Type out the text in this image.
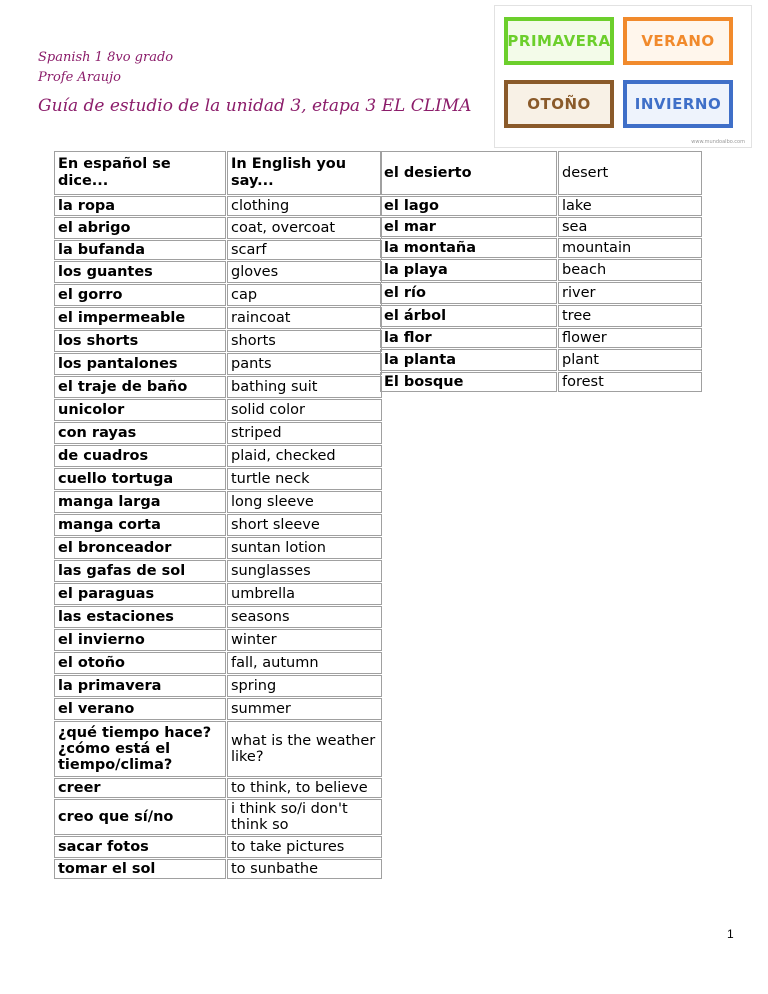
Spanish 1 8vo grado
Profe Araujo
Guía de estudio de la unidad 3, etapa 3 EL CLIMA
PRIMAVERA	VERANO
OTOÑO	INVIERNO
www.mundoalbo.com
En español se dice...	In English you say...
la ropa	clothing
el abrigo	coat, overcoat
la bufanda	scarf
los guantes	gloves
el gorro	cap
el impermeable	raincoat
los shorts	shorts
los pantalones	pants
el traje de baño	bathing suit
unicolor	solid color
con rayas	striped
de cuadros	plaid, checked
cuello tortuga	turtle neck
manga larga	long sleeve
manga corta	short sleeve
el bronceador	suntan lotion
las gafas de sol	sunglasses
el paraguas	umbrella
las estaciones	seasons
el invierno	winter
el otoño	fall, autumn
la primavera	spring
el verano	summer
¿qué tiempo hace? ¿cómo está el tiempo/clima?	what is the weather like?
creer	to think, to believe
creo que sí/no	i think so/i don't think so
sacar fotos	to take pictures
tomar el sol	to sunbathe
el desierto	desert
el lago	lake
el mar	sea
la montaña	mountain
la playa	beach
el río	river
el árbol	tree
la flor	flower
la planta	plant
El bosque	forest
1
